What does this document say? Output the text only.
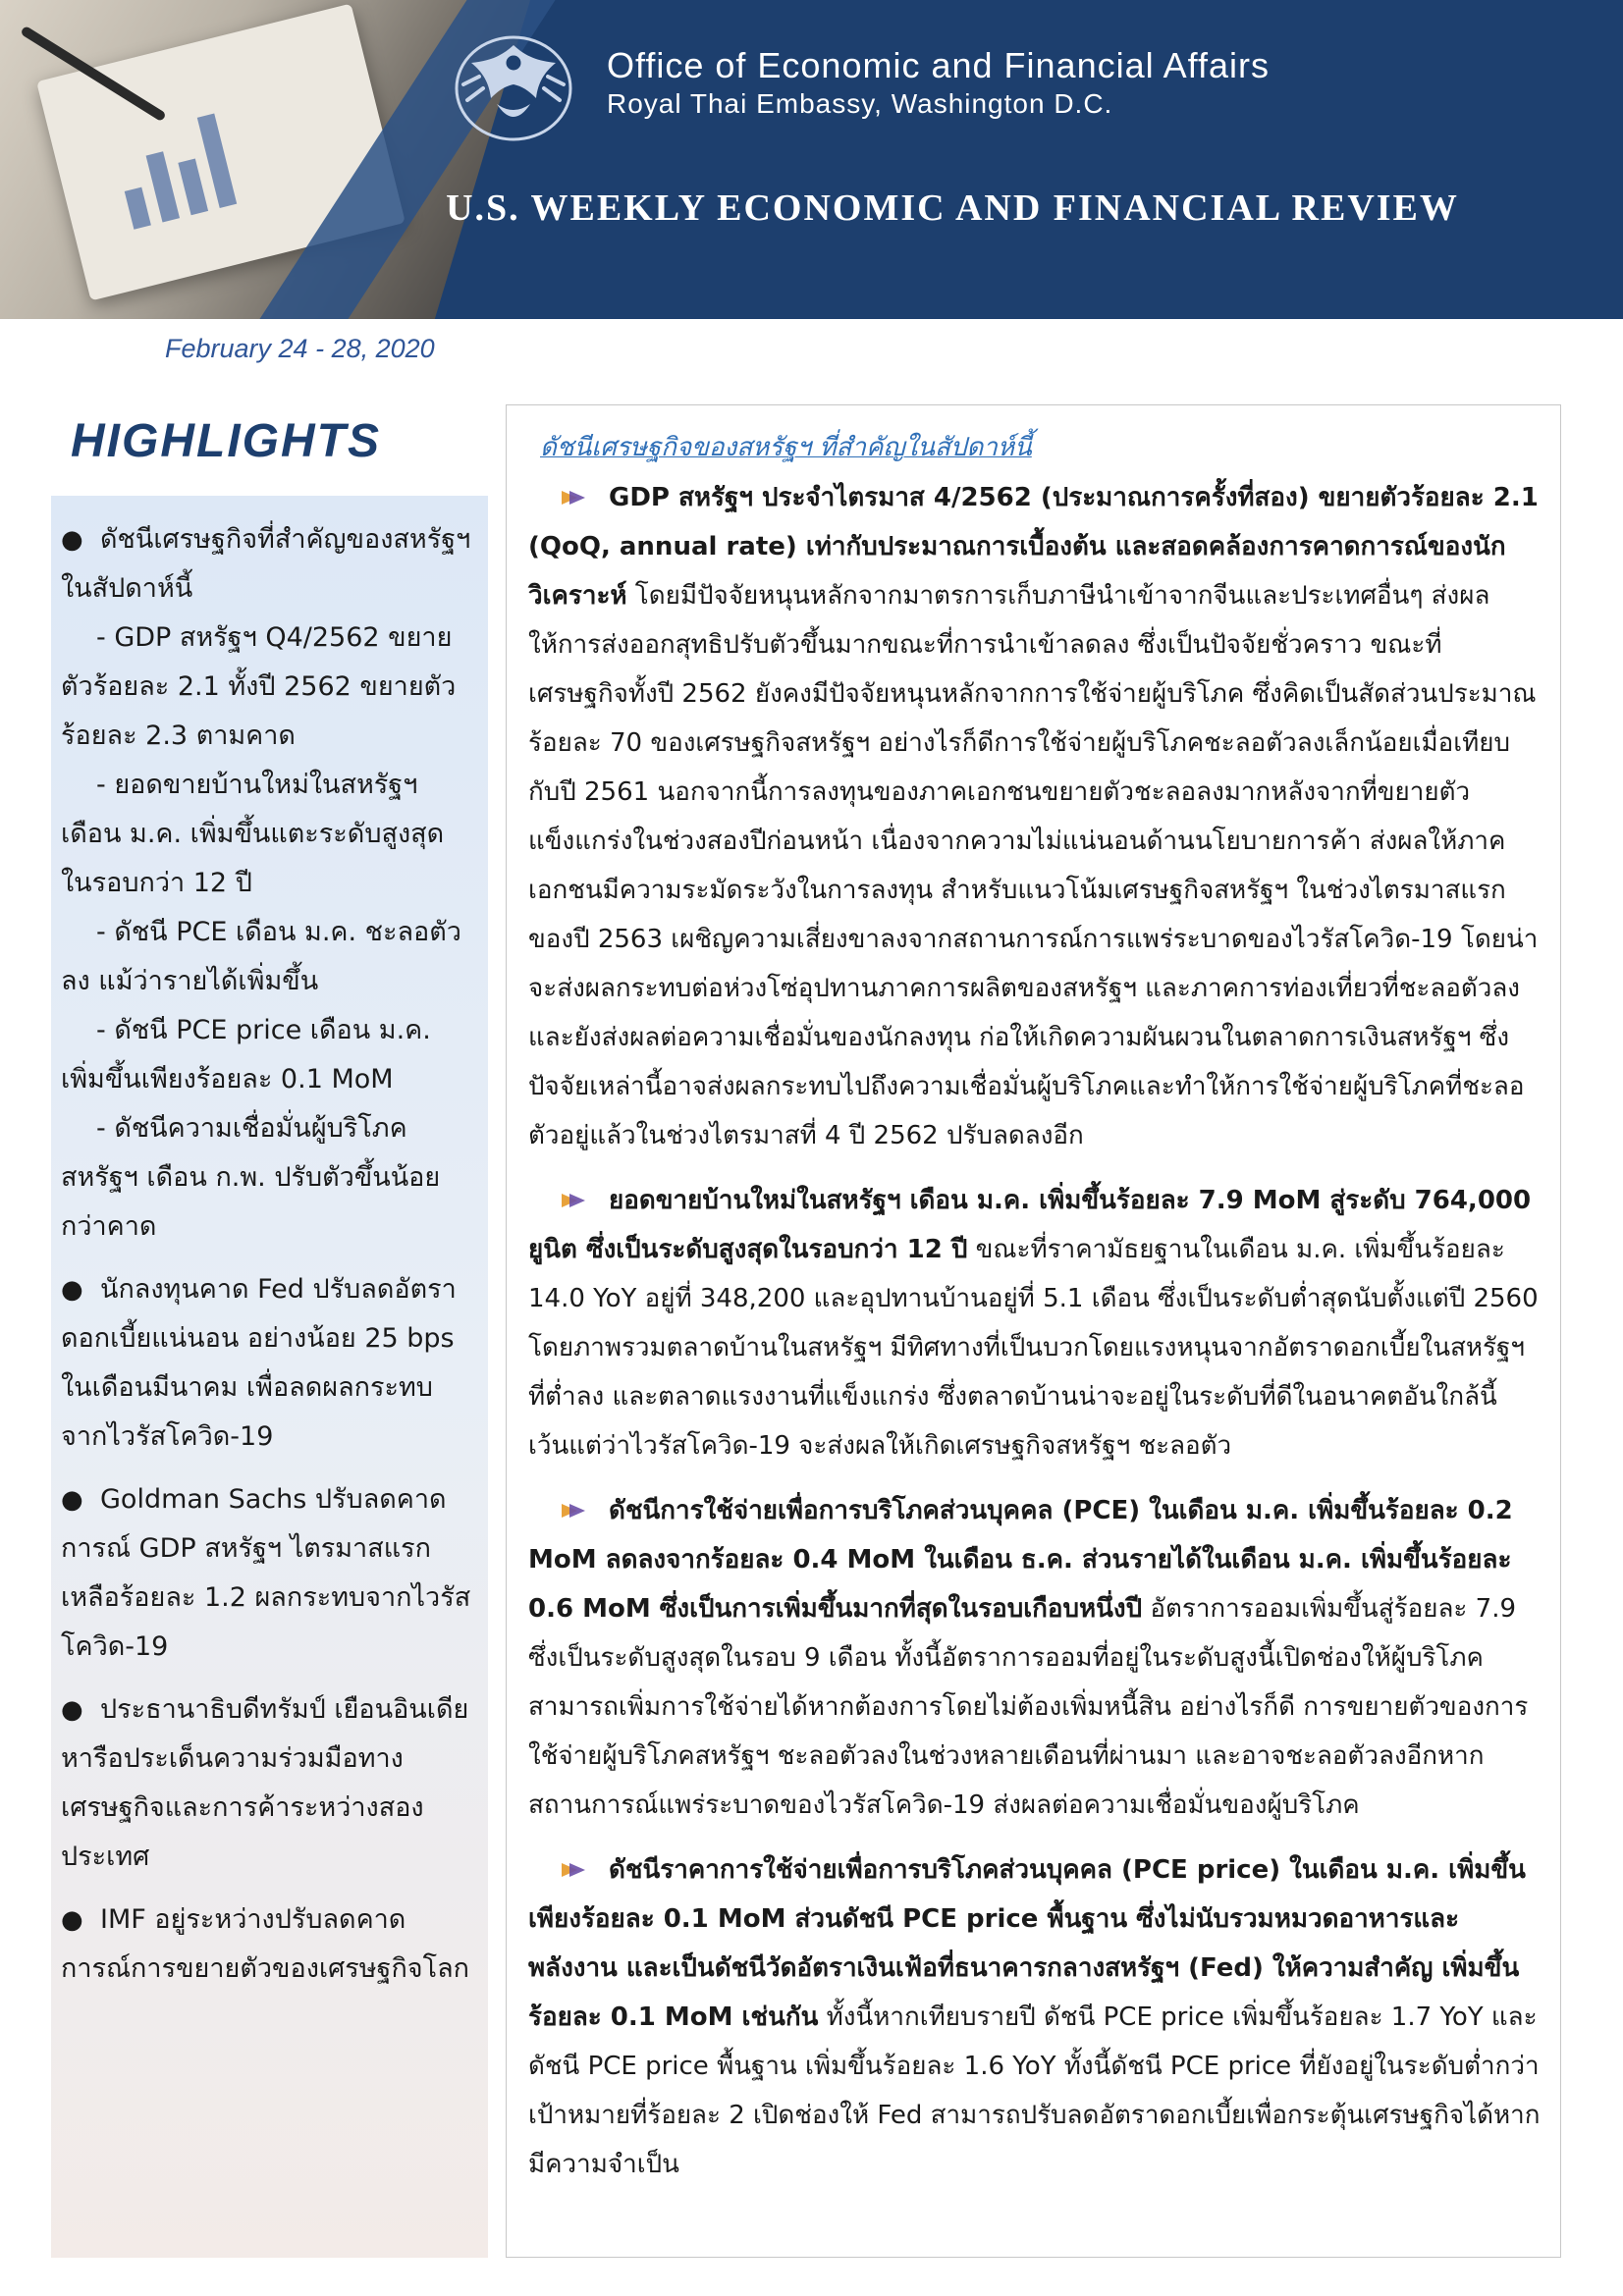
Office of Economic and Financial Affairs
Royal Thai Embassy, Washington D.C.
U.S. WEEKLY ECONOMIC AND FINANCIAL REVIEW
February 24 - 28, 2020
HIGHLIGHTS
● ดัชนีเศรษฐกิจที่สำคัญของสหรัฐฯ ในสัปดาห์นี้
- GDP สหรัฐฯ Q4/2562 ขยายตัวร้อยละ 2.1 ทั้งปี 2562 ขยายตัวร้อยละ 2.3 ตามคาด
- ยอดขายบ้านใหม่ในสหรัฐฯ เดือน ม.ค. เพิ่มขึ้นแตะระดับสูงสุดในรอบกว่า 12 ปี
- ดัชนี PCE เดือน ม.ค. ชะลอตัวลง แม้ว่ารายได้เพิ่มขึ้น
- ดัชนี PCE price เดือน ม.ค. เพิ่มขึ้นเพียงร้อยละ 0.1 MoM
- ดัชนีความเชื่อมั่นผู้บริโภคสหรัฐฯ เดือน ก.พ. ปรับตัวขึ้นน้อยกว่าคาด
● นักลงทุนคาด Fed ปรับลดอัตราดอกเบี้ยแน่นอน อย่างน้อย 25 bps ในเดือนมีนาคม เพื่อลดผลกระทบจากไวรัสโควิด-19
● Goldman Sachs ปรับลดคาดการณ์ GDP สหรัฐฯ ไตรมาสแรก เหลือร้อยละ 1.2 ผลกระทบจากไวรัสโควิด-19
● ประธานาธิบดีทรัมป์ เยือนอินเดีย หารือประเด็นความร่วมมือทางเศรษฐกิจและการค้าระหว่างสองประเทศ
● IMF อยู่ระหว่างปรับลดคาดการณ์การขยายตัวของเศรษฐกิจโลก
ดัชนีเศรษฐกิจของสหรัฐฯ ที่สำคัญในสัปดาห์นี้

GDP สหรัฐฯ ประจำไตรมาส 4/2562 (ประมาณการครั้งที่สอง) ขยายตัวร้อยละ 2.1 (QoQ, annual rate) เท่ากับประมาณการเบื้องต้น และสอดคล้องการคาดการณ์ของนักวิเคราะห์ โดยมีปัจจัยหนุนหลักจากมาตรการเก็บภาษีนำเข้าจากจีนและประเทศอื่นๆ ส่งผลให้การส่งออกสุทธิปรับตัวขึ้นมากขณะที่การนำเข้าลดลง ซึ่งเป็นปัจจัยชั่วคราว ขณะที่เศรษฐกิจทั้งปี 2562 ยังคงมีปัจจัยหนุนหลักจากการใช้จ่ายผู้บริโภค ซึ่งคิดเป็นสัดส่วนประมาณร้อยละ 70 ของเศรษฐกิจสหรัฐฯ อย่างไรก็ดีการใช้จ่ายผู้บริโภคชะลอตัวลงเล็กน้อยเมื่อเทียบกับปี 2561 นอกจากนี้การลงทุนของภาคเอกชนขยายตัวชะลอลงมากหลังจากที่ขยายตัวแข็งแกร่งในช่วงสองปีก่อนหน้า เนื่องจากความไม่แน่นอนด้านนโยบายการค้า ส่งผลให้ภาคเอกชนมีความระมัดระวังในการลงทุน สำหรับแนวโน้มเศรษฐกิจสหรัฐฯ ในช่วงไตรมาสแรกของปี 2563 เผชิญความเสี่ยงขาลงจากสถานการณ์การแพร่ระบาดของไวรัสโควิด-19 โดยน่าจะส่งผลกระทบต่อห่วงโซ่อุปทานภาคการผลิตของสหรัฐฯ และภาคการท่องเที่ยวที่ชะลอตัวลง และยังส่งผลต่อความเชื่อมั่นของนักลงทุน ก่อให้เกิดความผันผวนในตลาดการเงินสหรัฐฯ ซึ่งปัจจัยเหล่านี้อาจส่งผลกระทบไปถึงความเชื่อมั่นผู้บริโภคและทำให้การใช้จ่ายผู้บริโภคที่ชะลอตัวอยู่แล้วในช่วงไตรมาสที่ 4 ปี 2562 ปรับลดลงอีก

ยอดขายบ้านใหม่ในสหรัฐฯ เดือน ม.ค. เพิ่มขึ้นร้อยละ 7.9 MoM สู่ระดับ 764,000 ยูนิต ซึ่งเป็นระดับสูงสุดในรอบกว่า 12 ปี ขณะที่ราคามัธยฐานในเดือน ม.ค. เพิ่มขึ้นร้อยละ 14.0 YoY อยู่ที่ 348,200 และอุปทานบ้านอยู่ที่ 5.1 เดือน ซึ่งเป็นระดับต่ำสุดนับตั้งแต่ปี 2560 โดยภาพรวมตลาดบ้านในสหรัฐฯ มีทิศทางที่เป็นบวกโดยแรงหนุนจากอัตราดอกเบี้ยในสหรัฐฯ ที่ต่ำลง และตลาดแรงงานที่แข็งแกร่ง ซึ่งตลาดบ้านน่าจะอยู่ในระดับที่ดีในอนาคตอันใกล้นี้ เว้นแต่ว่าไวรัสโควิด-19 จะส่งผลให้เกิดเศรษฐกิจสหรัฐฯ ชะลอตัว

ดัชนีการใช้จ่ายเพื่อการบริโภคส่วนบุคคล (PCE) ในเดือน ม.ค. เพิ่มขึ้นร้อยละ 0.2 MoM ลดลงจากร้อยละ 0.4 MoM ในเดือน ธ.ค. ส่วนรายได้ในเดือน ม.ค. เพิ่มขึ้นร้อยละ 0.6 MoM ซึ่งเป็นการเพิ่มขึ้นมากที่สุดในรอบเกือบหนึ่งปี อัตราการออมเพิ่มขึ้นสู่ร้อยละ 7.9 ซึ่งเป็นระดับสูงสุดในรอบ 9 เดือน ทั้งนี้อัตราการออมที่อยู่ในระดับสูงนี้เปิดช่องให้ผู้บริโภคสามารถเพิ่มการใช้จ่ายได้หากต้องการโดยไม่ต้องเพิ่มหนี้สิน อย่างไรก็ดี การขยายตัวของการใช้จ่ายผู้บริโภคสหรัฐฯ ชะลอตัวลงในช่วงหลายเดือนที่ผ่านมา และอาจชะลอตัวลงอีกหากสถานการณ์แพร่ระบาดของไวรัสโควิด-19 ส่งผลต่อความเชื่อมั่นของผู้บริโภค

ดัชนีราคาการใช้จ่ายเพื่อการบริโภคส่วนบุคคล (PCE price) ในเดือน ม.ค. เพิ่มขึ้นเพียงร้อยละ 0.1 MoM ส่วนดัชนี PCE price พื้นฐาน ซึ่งไม่นับรวมหมวดอาหารและพลังงาน และเป็นดัชนีวัดอัตราเงินเฟ้อที่ธนาคารกลางสหรัฐฯ (Fed) ให้ความสำคัญ เพิ่มขึ้นร้อยละ 0.1 MoM เช่นกัน ทั้งนี้หากเทียบรายปี ดัชนี PCE price เพิ่มขึ้นร้อยละ 1.7 YoY และดัชนี PCE price พื้นฐาน เพิ่มขึ้นร้อยละ 1.6 YoY ทั้งนี้ดัชนี PCE price ที่ยังอยู่ในระดับต่ำกว่าเป้าหมายที่ร้อยละ 2 เปิดช่องให้ Fed สามารถปรับลดอัตราดอกเบี้ยเพื่อกระตุ้นเศรษฐกิจได้หากมีความจำเป็น
